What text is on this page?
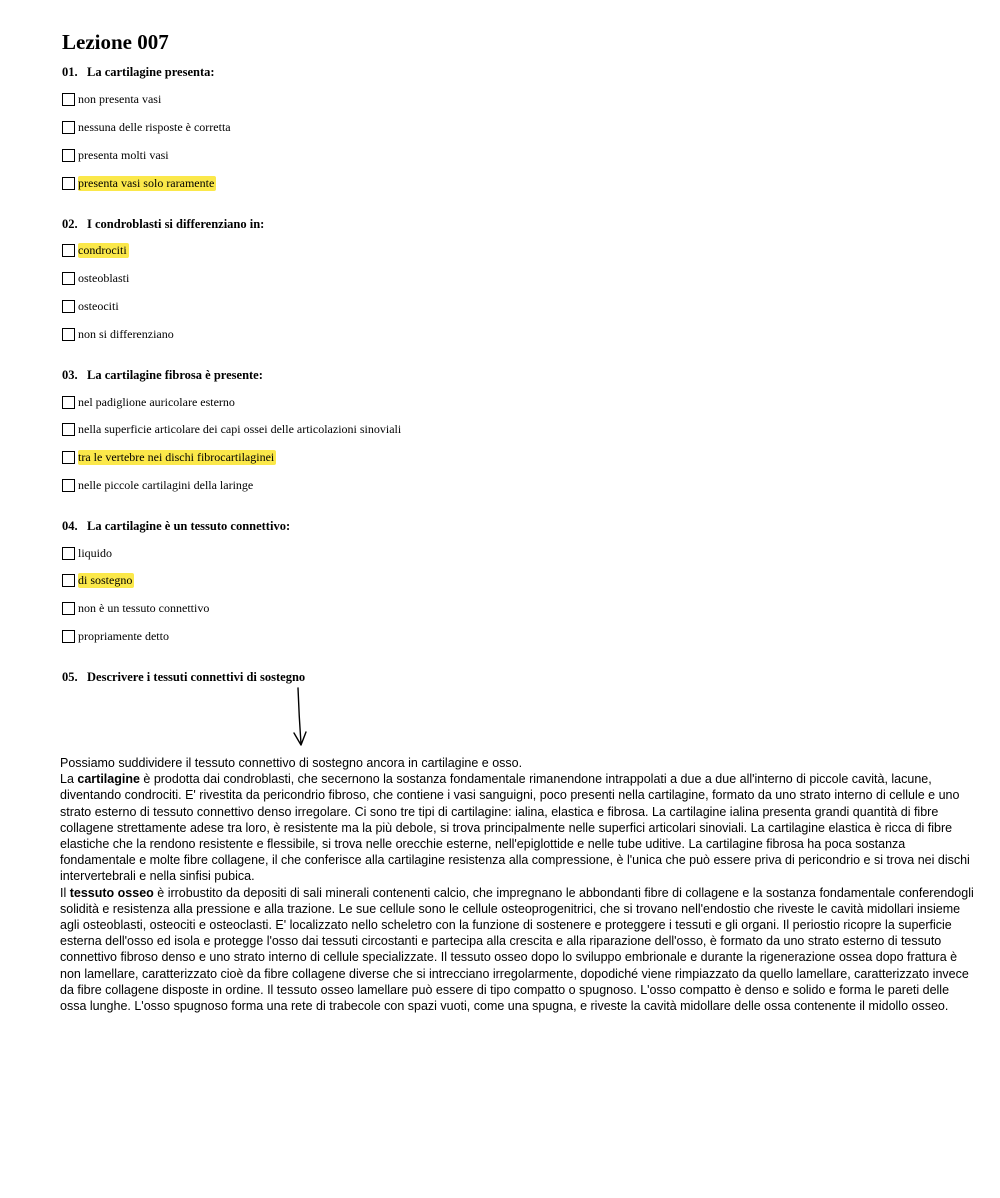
Lezione 007
01. La cartilagine presenta:
non presenta vasi
nessuna delle risposte è corretta
presenta molti vasi
presenta vasi solo raramente
02. I condroblasti si differenziano in:
condrociti
osteoblasti
osteociti
non si differenziano
03. La cartilagine fibrosa è presente:
nel padiglione auricolare esterno
nella superficie articolare dei capi ossei delle articolazioni sinoviali
tra le vertebre nei dischi fibrocartilaginei
nelle piccole cartilagini della laringe
04. La cartilagine è un tessuto connettivo:
liquido
di sostegno
non è un tessuto connettivo
propriamente detto
05. Descrivere i tessuti connettivi di sostegno

Possiamo suddividere il tessuto connettivo di sostegno ancora in cartilagine e osso.

La cartilagine è prodotta dai condroblasti, che secernono la sostanza fondamentale rimanendone intrappolati a due a due all'interno di piccole cavità, lacune, diventando condrociti. E' rivestita da pericondrio fibroso, che contiene i vasi sanguigni, poco presenti nella cartilagine, formato da uno strato interno di cellule e uno strato esterno di tessuto connettivo denso irregolare. Ci sono tre tipi di cartilagine: ialina, elastica e fibrosa. La cartilagine ialina presenta grandi quantità di fibre collagene strettamente adese tra loro, è resistente ma la più debole, si trova principalmente nelle superfici articolari sinoviali. La cartilagine elastica è ricca di fibre elastiche che la rendono resistente e flessibile, si trova nelle orecchie esterne, nell'epiglottide e nelle tube uditive. La cartilagine fibrosa ha poca sostanza fondamentale e molte fibre collagene, il che conferisce alla cartilagine resistenza alla compressione, è l'unica che può essere priva di pericondrio e si trova nei dischi intervertebrali e nella sinfisi pubica.

Il tessuto osseo è irrobustito da depositi di sali minerali contenenti calcio, che impregnano le abbondanti fibre di collagene e la sostanza fondamentale conferendogli solidità e resistenza alla pressione e alla trazione. Le sue cellule sono le cellule osteoprogenitrici, che si trovano nell'endostio che riveste le cavità midollari insieme agli osteoblasti, osteociti e osteoclasti. E' localizzato nello scheletro con la funzione di sostenere e proteggere i tessuti e gli organi. Il periostio ricopre la superficie esterna dell'osso ed isola e protegge l'osso dai tessuti circostanti e partecipa alla crescita e alla riparazione dell'osso, è formato da uno strato esterno di tessuto connettivo fibroso denso e uno strato interno di cellule specializzate. Il tessuto osseo dopo lo sviluppo embrionale e durante la rigenerazione ossea dopo frattura è non lamellare, caratterizzato cioè da fibre collagene diverse che si intrecciano irregolarmente, dopodiché viene rimpiazzato da quello lamellare, caratterizzato invece da fibre collagene disposte in ordine. Il tessuto osseo lamellare può essere di tipo compatto o spugnoso. L'osso compatto è denso e solido e forma le pareti delle ossa lunghe. L'osso spugnoso forma una rete di trabecole con spazi vuoti, come una spugna, e riveste la cavità midollare delle ossa contenente il midollo osseo.
